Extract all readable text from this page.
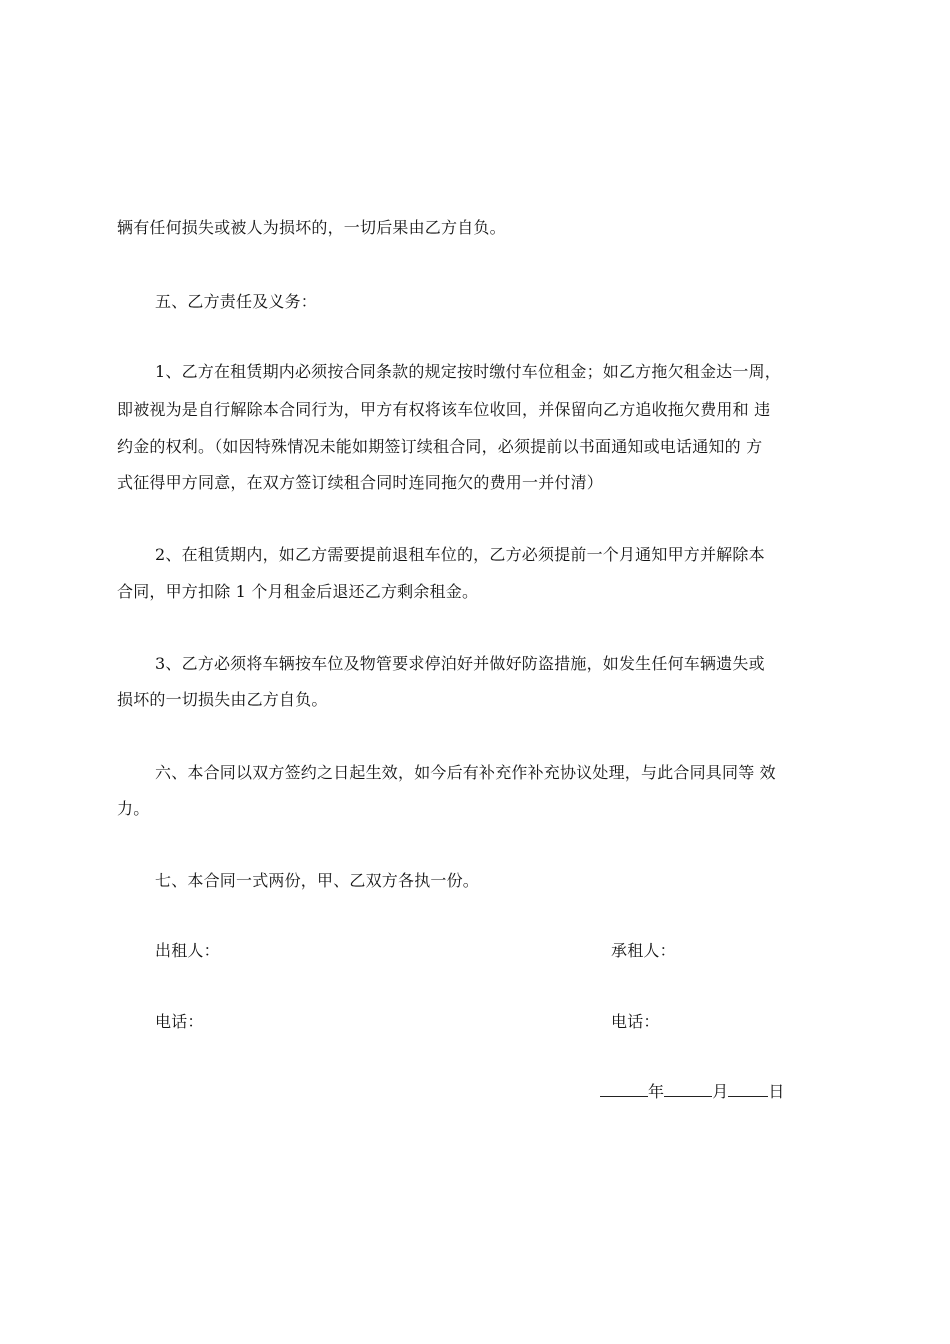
辆有任何损失或被人为损坏的，一切后果由乙方自负。
五、乙方责任及义务：
1、乙方在租赁期内必须按合同条款的规定按时缴付车位租金；如乙方拖欠租金达一周，
即被视为是自行解除本合同行为，甲方有权将该车位收回，并保留向乙方追收拖欠费用和 违
约金的权利。（如因特殊情况未能如期签订续租合同，必须提前以书面通知或电话通知的 方
式征得甲方同意，在双方签订续租合同时连同拖欠的费用一并付清）
2、在租赁期内，如乙方需要提前退租车位的，乙方必须提前一个月通知甲方并解除本
合同，甲方扣除 1 个月租金后退还乙方剩余租金。
3、乙方必须将车辆按车位及物管要求停泊好并做好防盗措施，如发生任何车辆遗失或
损坏的一切损失由乙方自负。
六、本合同以双方签约之日起生效，如今后有补充作补充协议处理，与此合同具同等 效
力。
七、本合同一式两份，甲、乙双方各执一份。
出租人：	承租人：
电话：	电话：
年	月	日
